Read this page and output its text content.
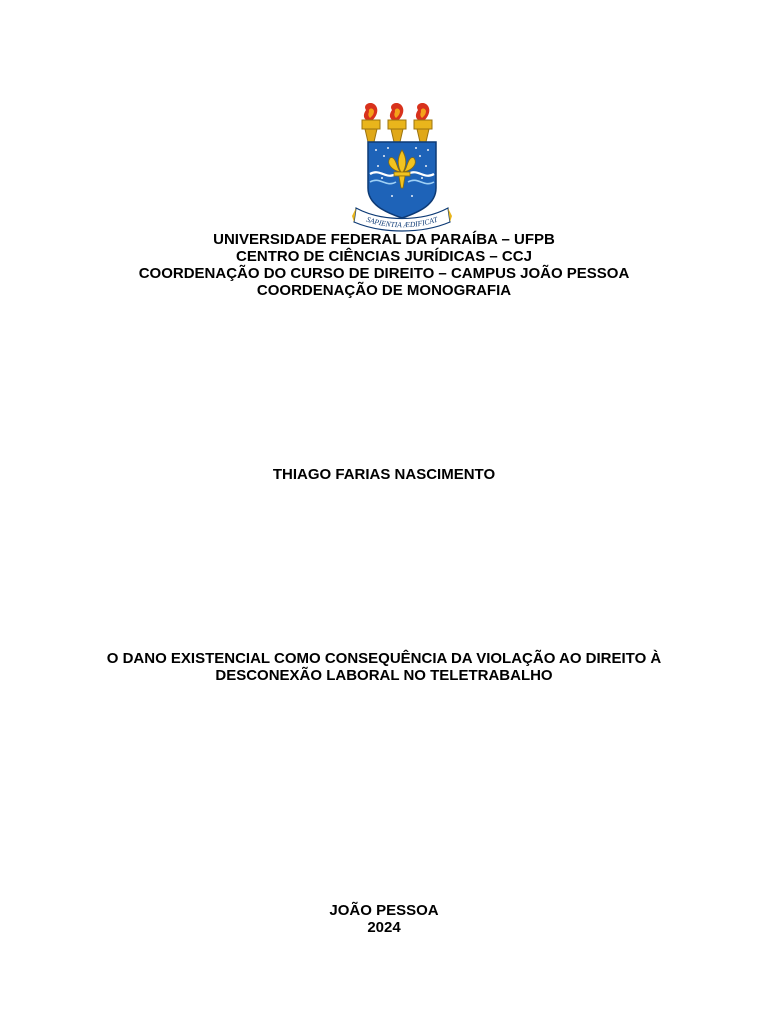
SAPIENTIA ÆDIFICAT
UNIVERSIDADE FEDERAL DA PARAÍBA – UFPB
CENTRO DE CIÊNCIAS JURÍDICAS – CCJ
COORDENAÇÃO DO CURSO DE DIREITO – CAMPUS JOÃO PESSOA
COORDENAÇÃO DE MONOGRAFIA
THIAGO FARIAS NASCIMENTO
O DANO EXISTENCIAL COMO CONSEQUÊNCIA DA VIOLAÇÃO AO DIREITO À
DESCONEXÃO LABORAL NO TELETRABALHO
JOÃO PESSOA
2024
